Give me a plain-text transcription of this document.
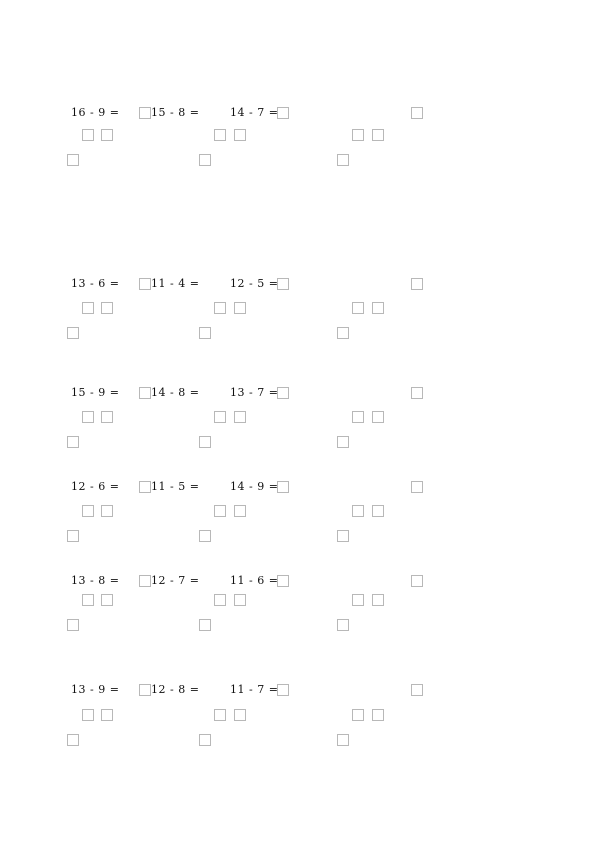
16 - 9 =	15 - 8 =	14 - 7 =
13 - 6 =	11 - 4 =	12 - 5 =
15 - 9 =	14 - 8 =	13 - 7 =
12 - 6 =	11 - 5 =	14 - 9 =
13 - 8 =	12 - 7 =	11 - 6 =
13 - 9 =	12 - 8 =	11 - 7 =
